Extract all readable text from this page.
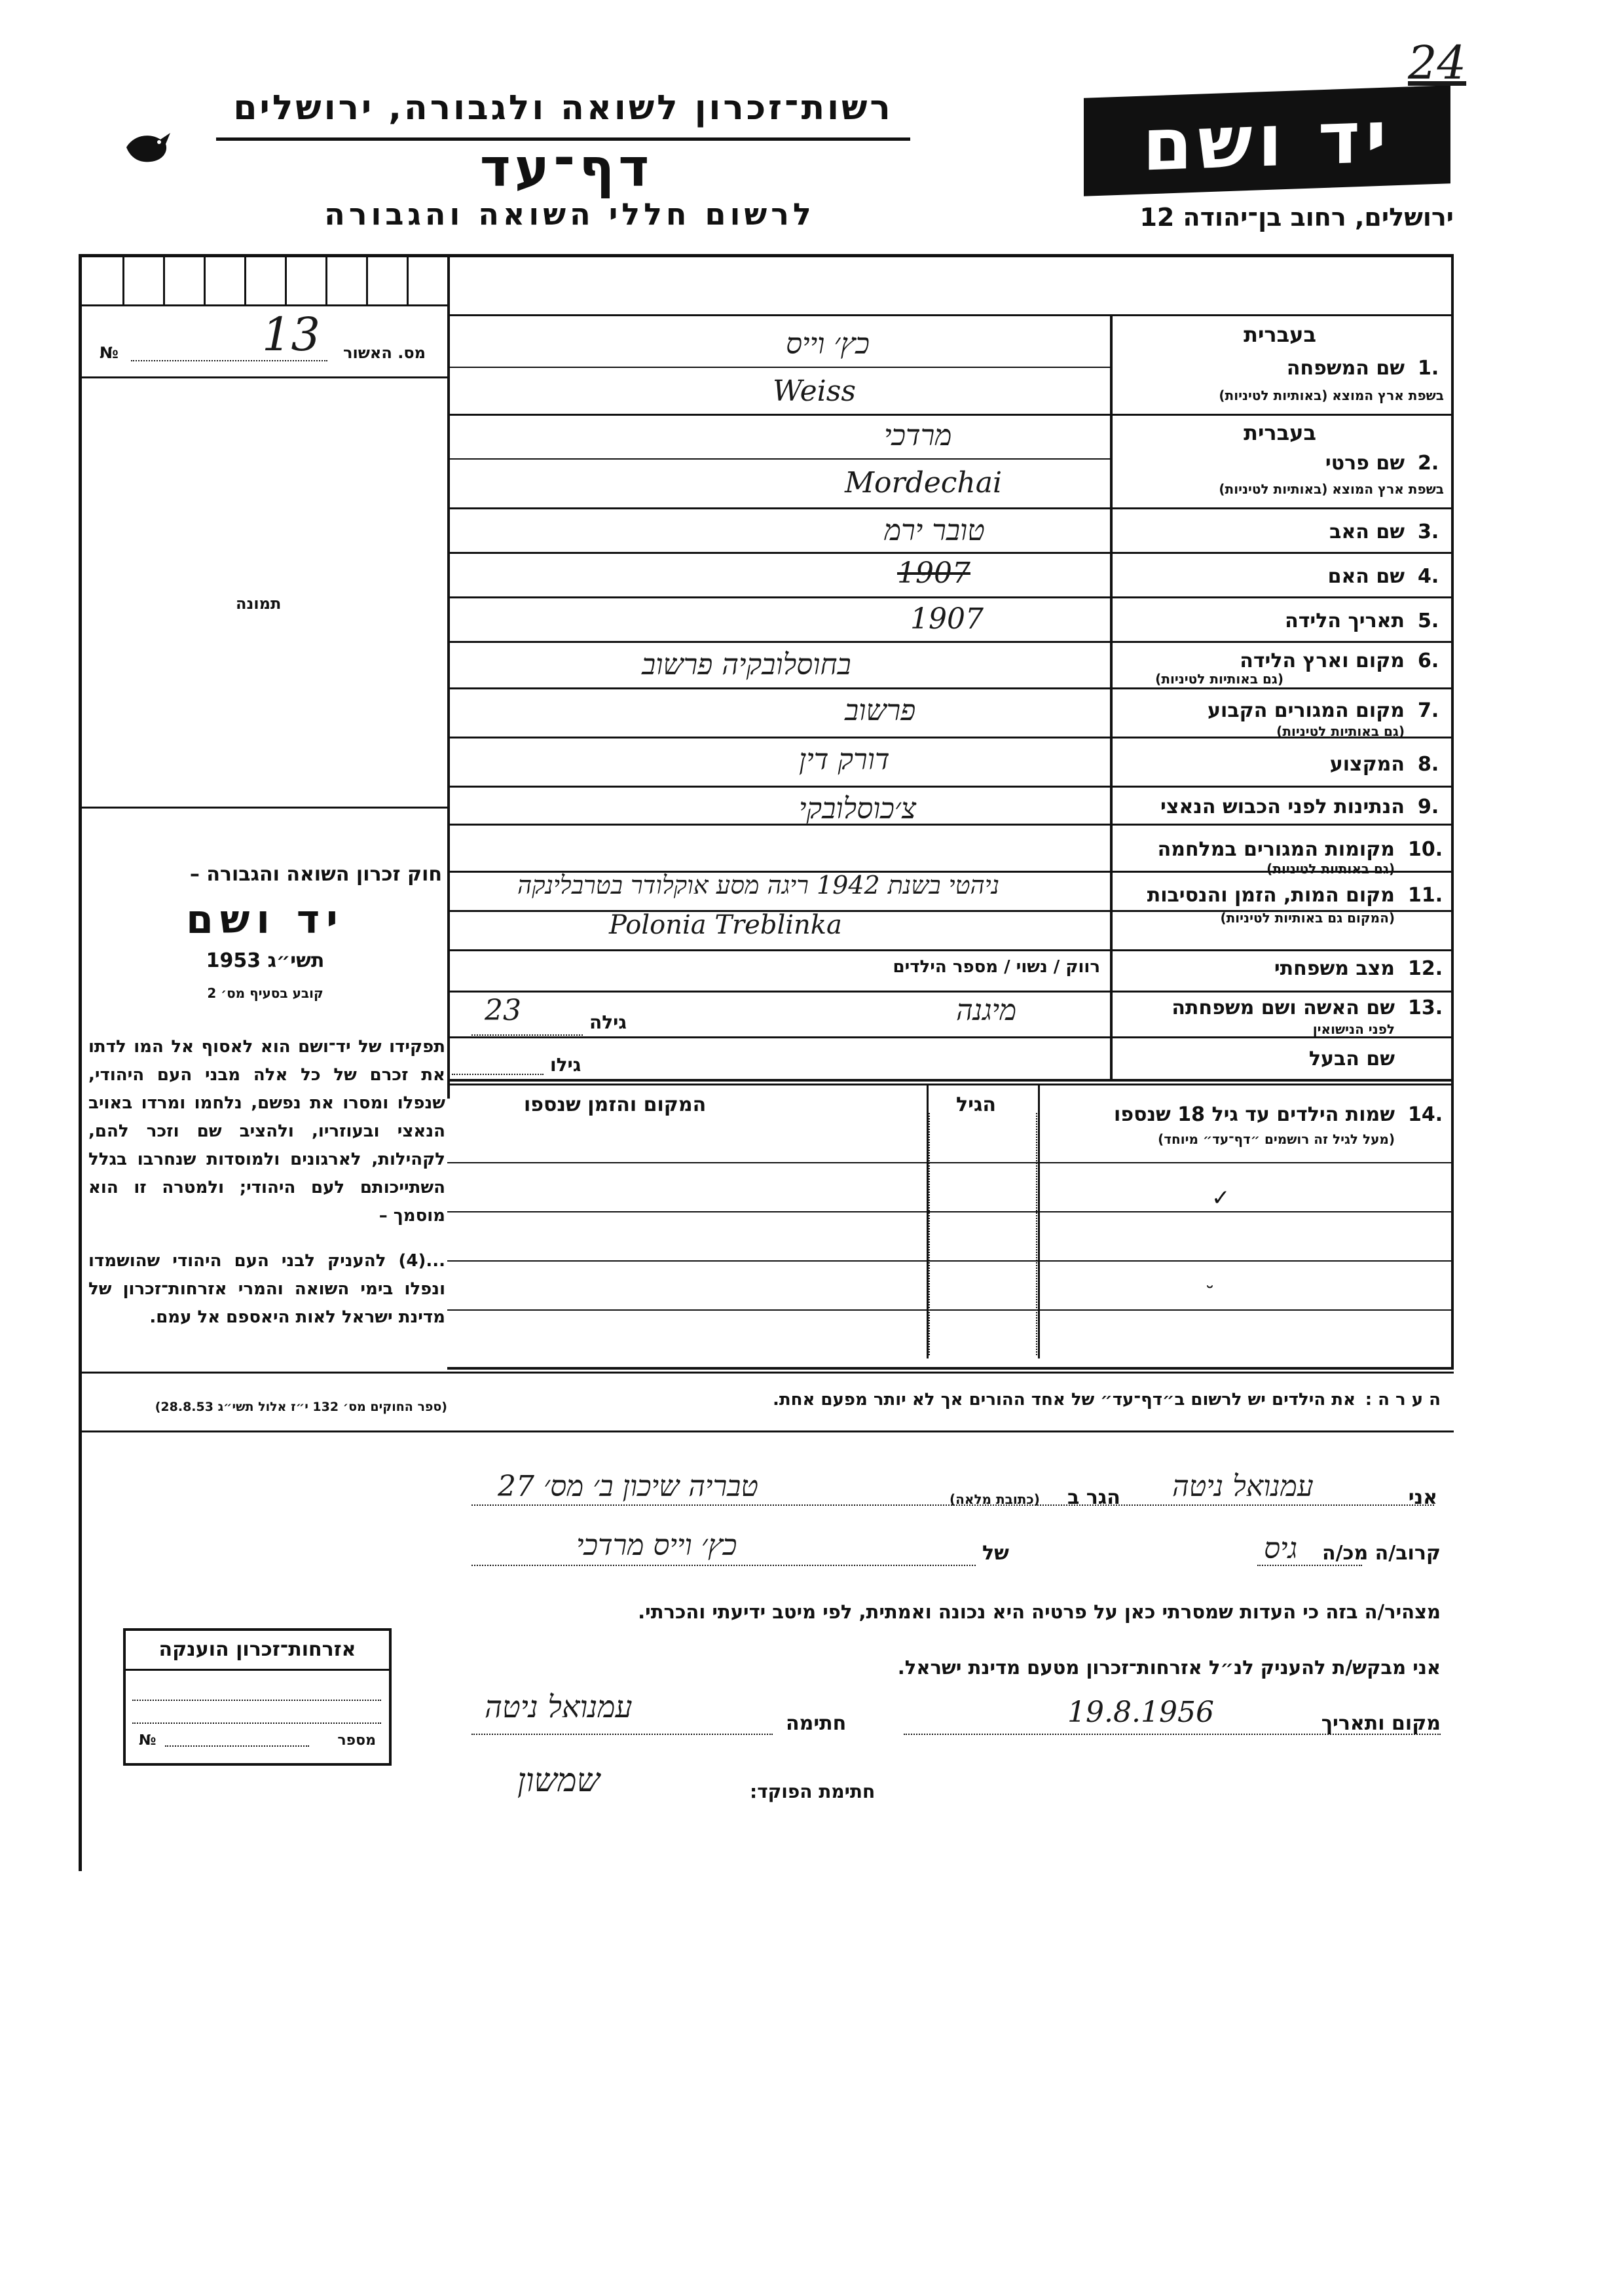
רשות־זכרון לשואה ולגבורה, ירושלים
דף־עד
לרשום חללי השואה והגבורה
יד ושם
24
ירושלים, רחוב בן־יהודה 12
№	13 מס. האשור
תמונה
חוק זכרון השואה והגבורה –
יד ושם
תשי״ג 1953
קובע בסעיף מס׳ 2
תפקידו של יד־ושם הוא לאסוף אל המו לדתו את זכרם של כל אלה מבני העם היהודי, שנפלו ומסרו את נפשם, נלחמו ומרדו באויב הנאצי ובעוזריו, ולהציב שם וזכר להם, לקהילות, לארגונים ולמוסדות שנחרבו בגלל השתייכותם לעם היהודי; ולמטרה זו הוא מוסמך –
...(4) להעניק לבני העם היהודי שהושמדו ונפלו בימי השואה והמרי אזרחות־זכרון של מדינת ישראל לאות היאספם אל עמם.
(ספר החוקים מס׳ 132 י״ז אלול תשי״ג 28.8.53)
בעברית
בעברית
1.
שם המשפחה
בשפת ארץ המוצא (באותיות לטיניות)
כץ׳ וייס
Weiss
2.
שם פרטי
בשפת ארץ המוצא (באותיות לטיניות)
מרדכי
Mordechai
3.
שם האב
טובר ירמ
4.
שם האם
1907
5.
תאריך הלידה
1907
6.
מקום וארץ הלידה
(גם באותיות לטיניות)
בחוסלובקיה פרשוב
7.
מקום המגורים הקבוע
(גם באותיות לטיניות)
פרשוב
8.
המקצוע
דורק דין
9.
הנתינות לפני הכבוש הנאצי
צ׳כוסלובקי
10.
מקומות המגורים במלחמה
(גם באותיות לטיניות)
11.
מקום המות, הזמן והנסיבות
(המקום גם באותיות לטיניות)
ניהטי בשנת 1942 ריגה מסע אוקלודר בטרבלינקה
Polonia Treblinka
12.
מצב משפחתי
רווק / נשוי / מספר הילדים
13.
שם האשה ושם משפחתה
לפני הנישואין
מיגנה
גילה
23
שם הבעל
גילו
14.
שמות הילדים עד גיל 18 שנספו
(מעל לגיל זה רושמים ״דף־עד״ מיוחד)
הגיל
המקום והזמן שנספו
✓
˘
ה ע ר ה :
את הילדים יש לרשום ב״דף־עד״ של אחד ההורים אך לא יותר מפעם אחת.
אני
עמנואל ניטה
הגר ב
(כתובת מלאה)
טבריה שיכון ב׳ מס׳ 27
קרוב/ה מכ/ה
גיס
של
כץ׳ וייס מרדכי
מצהיר/ה בזה כי העדות שמסרתי כאן על פרטיה היא נכונה ואמתית, לפי מיטב ידיעתי והכרתי.
אני מבקש/ת להעניק לנ״ל אזרחות־זכרון מטעם מדינת ישראל.
מקום ותאריך
19.8.1956
חתימה
עמנואל ניטה
חתימת הפוקד:
שמשון
אזרחות־זכרון הוענקה
№	מספר
